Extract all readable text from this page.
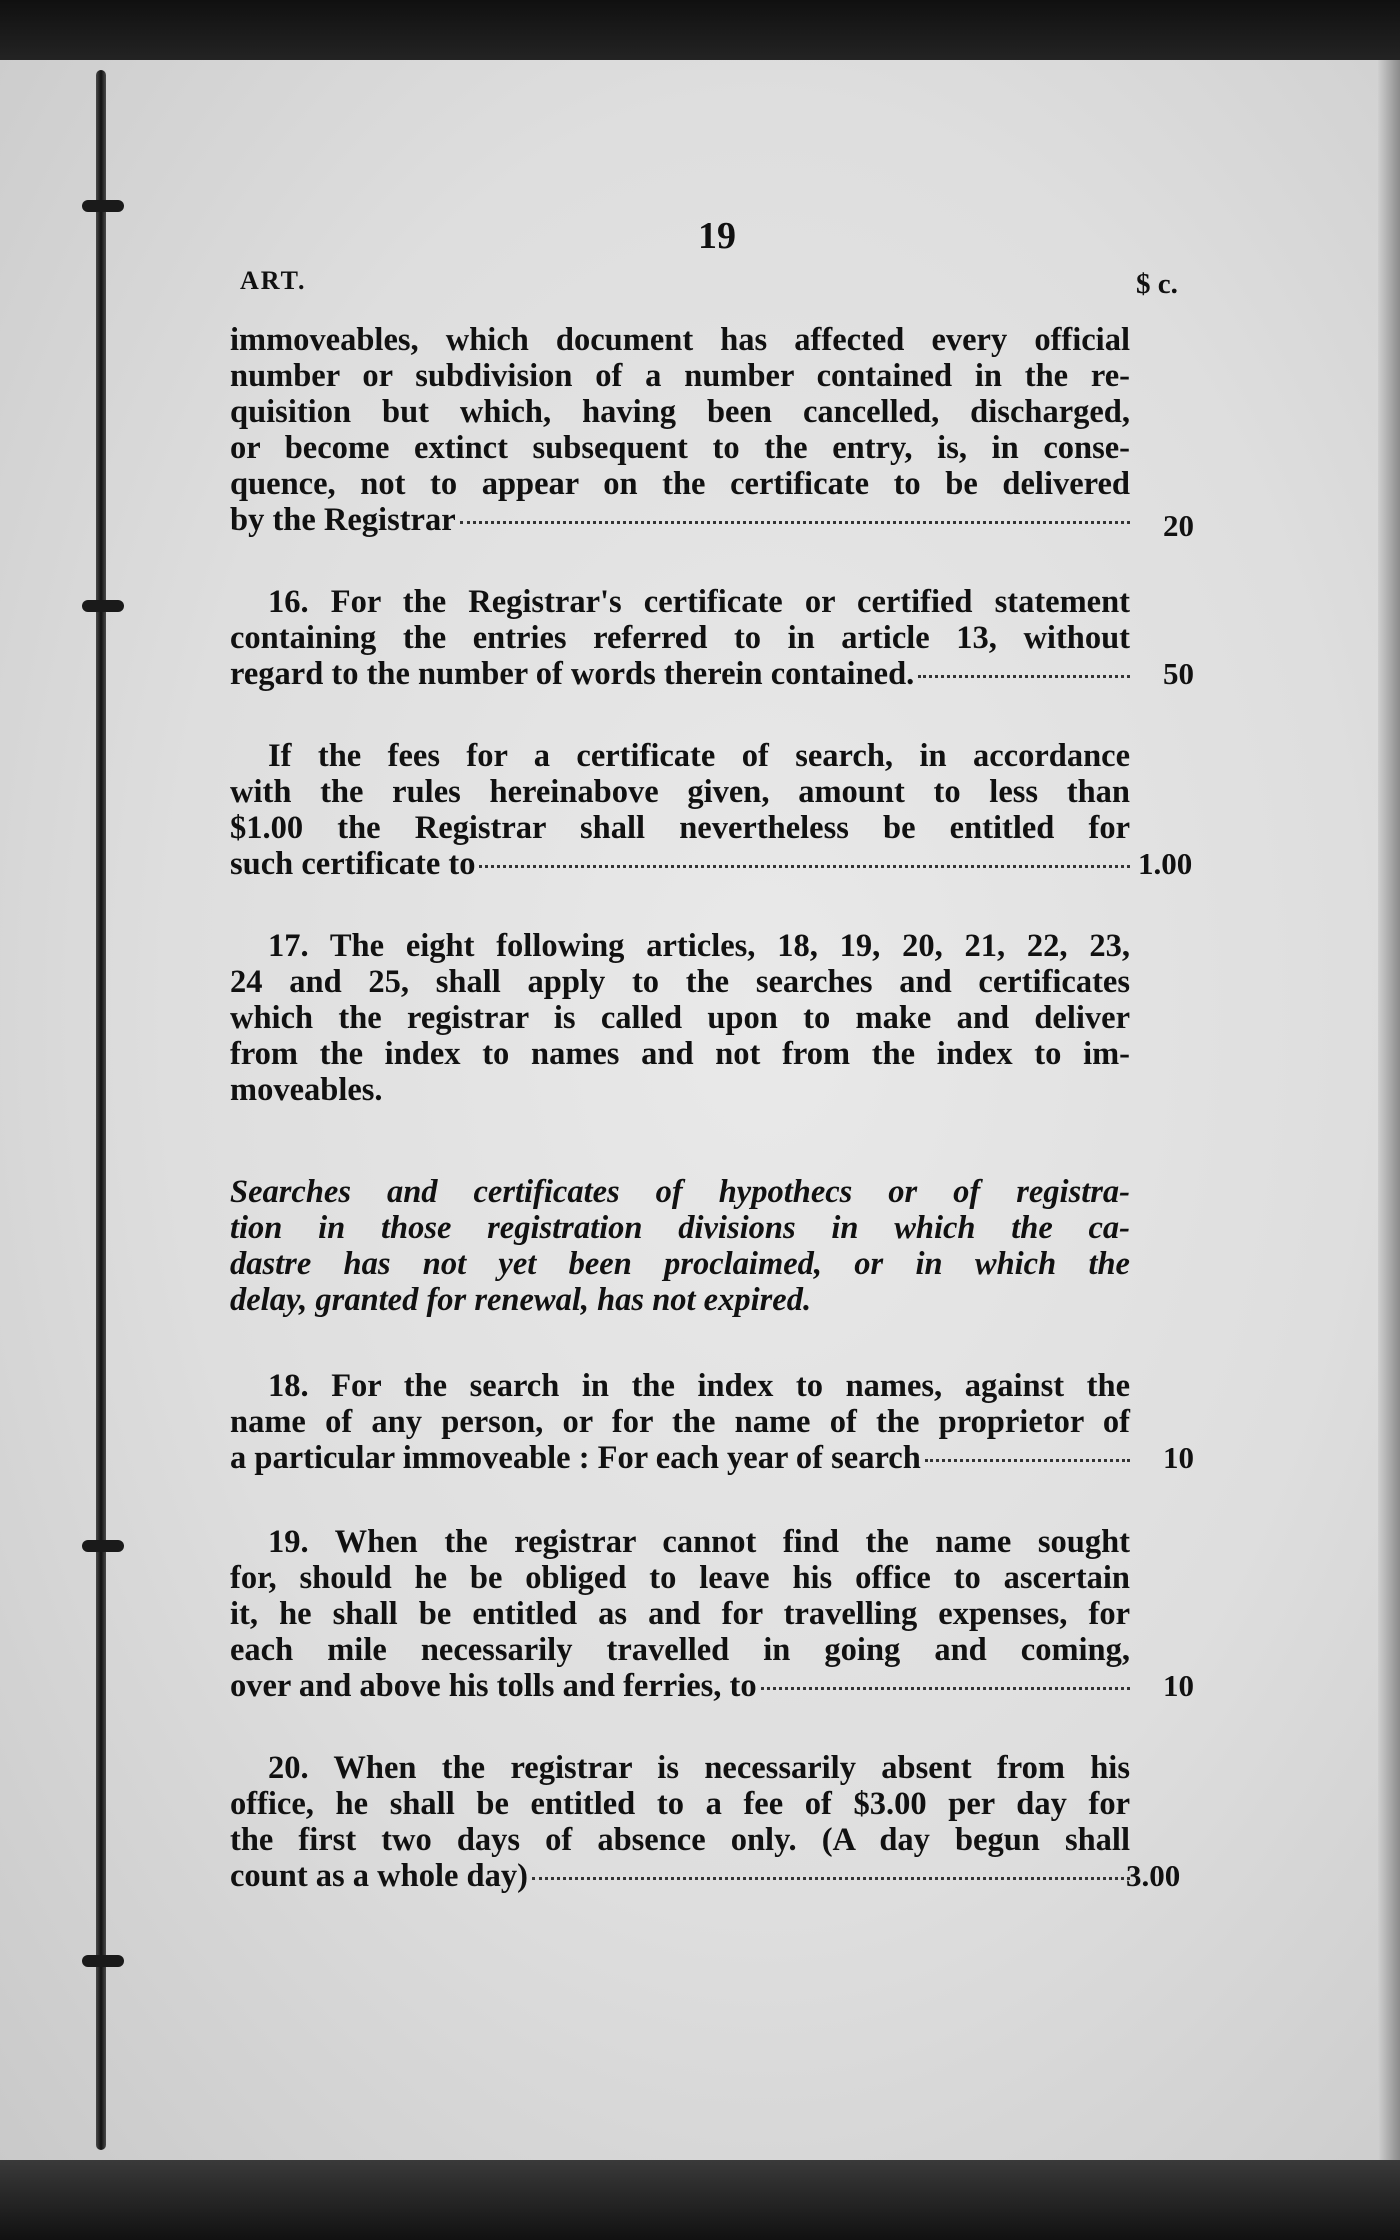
19
ART.	$ c.
immoveables, which document has affected every official
number or subdivision of a number contained in the re-
quisition but which, having been cancelled, discharged,
or become extinct subsequent to the entry, is, in conse-
quence, not to appear on the certificate to be delivered
by the Registrar	20
16. For the Registrar's certificate or certified statement
containing the entries referred to in article 13, without
regard to the number of words therein contained.	50
If the fees for a certificate of search, in accordance
with the rules hereinabove given, amount to less than
$1.00 the Registrar shall nevertheless be entitled for
such certificate to	1.00
17. The eight following articles, 18, 19, 20, 21, 22, 23,
24 and 25, shall apply to the searches and certificates
which the registrar is called upon to make and deliver
from the index to names and not from the index to im-
moveables.
Searches and certificates of hypothecs or of registra-
tion in those registration divisions in which the ca-
dastre has not yet been proclaimed, or in which the
delay, granted for renewal, has not expired.
18. For the search in the index to names, against the
name of any person, or for the name of the proprietor of
a particular immoveable : For each year of search	10
19. When the registrar cannot find the name sought
for, should he be obliged to leave his office to ascertain
it, he shall be entitled as and for travelling expenses, for
each mile necessarily travelled in going and coming,
over and above his tolls and ferries, to	10
20. When the registrar is necessarily absent from his
office, he shall be entitled to a fee of $3.00 per day for
the first two days of absence only. (A day begun shall
count as a whole day)	3.00
